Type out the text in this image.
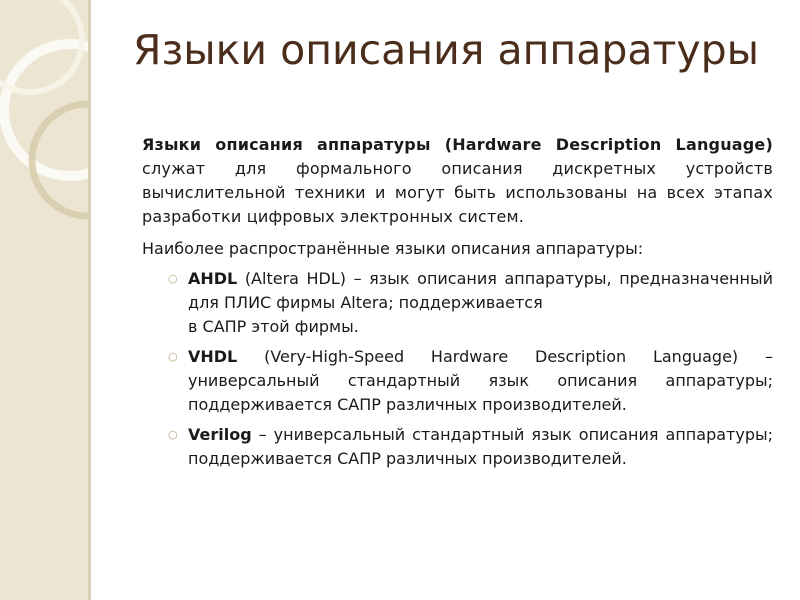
Языки описания аппаратуры

Языки описания аппаратуры (Hardware Description Language) служат для формального описания дискретных устройств вычислительной техники и могут быть использованы на всех этапах разработки цифровых электронных систем.

Наиболее распространённые языки описания аппаратуры:

○ AHDL (Altera HDL) – язык описания аппаратуры, предназначенный для ПЛИС фирмы Altera; поддерживается
в САПР этой фирмы.
○ VHDL (Very-High-Speed Hardware Description Language) – универсальный стандартный язык описания аппаратуры; поддерживается САПР различных производителей.
○ Verilog – универсальный стандартный язык описания аппаратуры; поддерживается САПР различных производителей.
